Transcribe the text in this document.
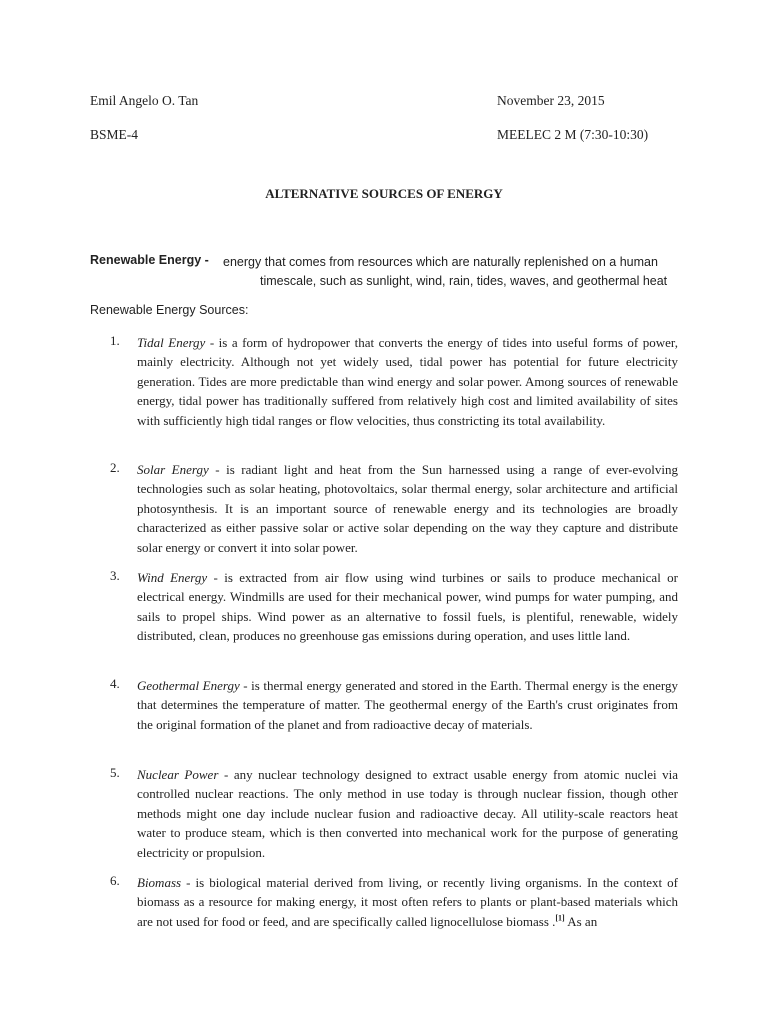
Emil Angelo O. Tan	November 23, 2015
BSME-4	MEELEC 2 M (7:30-10:30)
ALTERNATIVE SOURCES OF ENERGY
Renewable Energy - energy that comes from resources which are naturally replenished on a human
timescale, such as sunlight, wind, rain, tides, waves, and geothermal heat
Renewable Energy Sources:
1. Tidal Energy - is a form of hydropower that converts the energy of tides into useful forms of power, mainly electricity. Although not yet widely used, tidal power has potential for future electricity generation. Tides are more predictable than wind energy and solar power. Among sources of renewable energy, tidal power has traditionally suffered from relatively high cost and limited availability of sites with sufficiently high tidal ranges or flow velocities, thus constricting its total availability.
2. Solar Energy - is radiant light and heat from the Sun harnessed using a range of ever-evolving technologies such as solar heating, photovoltaics, solar thermal energy, solar architecture and artificial photosynthesis. It is an important source of renewable energy and its technologies are broadly characterized as either passive solar or active solar depending on the way they capture and distribute solar energy or convert it into solar power.
3. Wind Energy - is extracted from air flow using wind turbines or sails to produce mechanical or electrical energy. Windmills are used for their mechanical power, wind pumps for water pumping, and sails to propel ships. Wind power as an alternative to fossil fuels, is plentiful, renewable, widely distributed, clean, produces no greenhouse gas emissions during operation, and uses little land.
4. Geothermal Energy - is thermal energy generated and stored in the Earth. Thermal energy is the energy that determines the temperature of matter. The geothermal energy of the Earth's crust originates from the original formation of the planet and from radioactive decay of materials.
5. Nuclear Power - any nuclear technology designed to extract usable energy from atomic nuclei via controlled nuclear reactions. The only method in use today is through nuclear fission, though other methods might one day include nuclear fusion and radioactive decay. All utility-scale reactors heat water to produce steam, which is then converted into mechanical work for the purpose of generating electricity or propulsion.
6. Biomass - is biological material derived from living, or recently living organisms. In the context of biomass as a resource for making energy, it most often refers to plants or plant-based materials which are not used for food or feed, and are specifically called lignocellulose biomass .[1] As an
